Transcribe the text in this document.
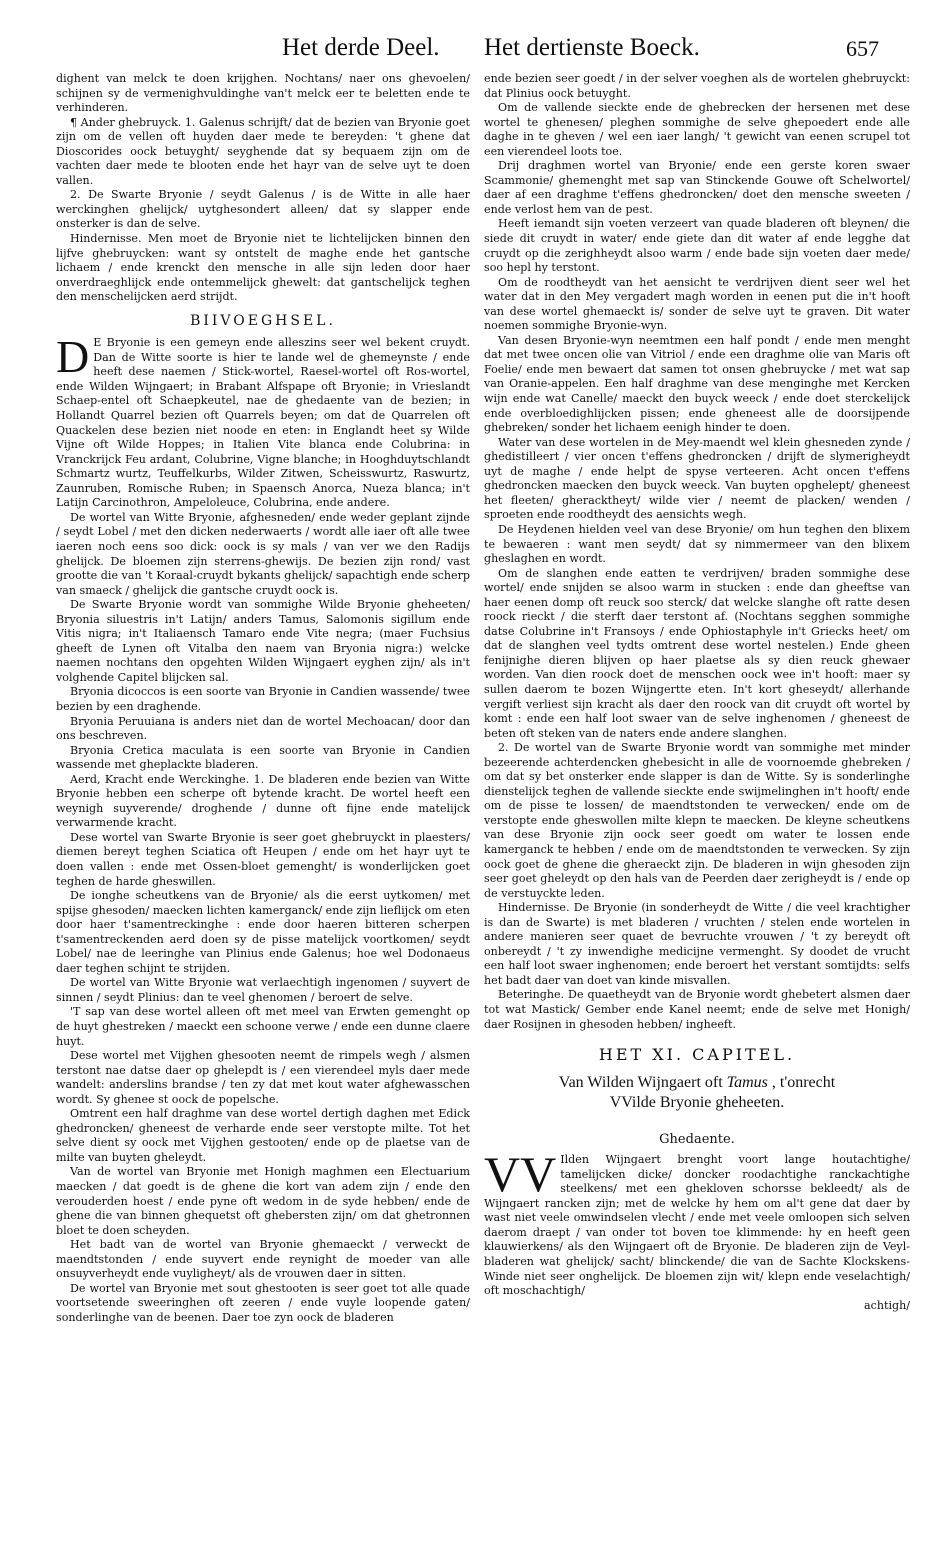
Het derde Deel. Het dertienste Boeck.	657

dighent van melck te doen krijghen. Nochtans/ naer ons ghevoelen/ schijnen sy de vermenighvuldinghe van't melck eer te beletten ende te verhinderen.

¶ Ander ghebruyck. 1. Galenus schrijft/ dat de bezien van Bryonie goet zijn om de vellen oft huyden daer mede te bereyden: 't ghene dat Dioscorides oock betuyght/ seyghende dat sy bequaem zijn om de vachten daer mede te blooten ende het hayr van de selve uyt te doen vallen.

2. De Swarte Bryonie / seydt Galenus / is de Witte in alle haer werckinghen ghelijck/ uytghesondert alleen/ dat sy slapper ende onsterker is dan de selve.

Hindernisse. Men moet de Bryonie niet te lichtelijcken binnen den lijfve ghebruycken: want sy ontstelt de maghe ende het gantsche lichaem / ende krenckt den mensche in alle sijn leden door haer onverdraeghlijck ende ontemmelijck ghewelt: dat gantschelijck teghen den menschelijcken aerd strijdt.

BIIVOEGHSEL.

D E Bryonie is een gemeyn ende alleszins seer wel bekent cruydt. Dan de Witte soorte is hier te lande wel de ghemeynste / ende heeft dese naemen / Stick-wortel, Raesel-wortel oft Ros-wortel, ende Wilden Wijngaert; in Brabant Alfspape oft Bryonie; in Vrieslandt Schaep-entel oft Schaepkeutel, nae de ghedaente van de bezien; in Hollandt Quarrel bezien oft Quarrels beyen; om dat de Quarrelen oft Quackelen dese bezien niet noode en eten: in Englandt heet sy Wilde Vijne oft Wilde Hoppes; in Italien Vite blanca ende Colubrina: in Vranckrijck Feu ardant, Colubrine, Vigne blanche; in Hooghduytschlandt Schmartz wurtz, Teuffelkurbs, Wilder Zitwen, Scheisswurtz, Raswurtz, Zaunruben, Romische Ruben; in Spaensch Anorca, Nueza blanca; in't Latijn Carcinothron, Ampeloleuce, Colubrina, ende andere.

De wortel van Witte Bryonie, afghesneden/ ende weder geplant zijnde / seydt Lobel / met den dicken nederwaerts / wordt alle iaer oft alle twee iaeren noch eens soo dick: oock is sy mals / van ver we den Radijs ghelijck. De bloemen zijn sterrens-ghewijs. De bezien zijn rond/ vast grootte die van 't Koraal-cruydt bykants ghelijck/ sapachtigh ende scherp van smaeck / ghelijck die gantsche cruydt oock is.

De Swarte Bryonie wordt van sommighe Wilde Bryonie gheheeten/ Bryonia siluestris in't Latijn/ anders Tamus, Salomonis sigillum ende Vitis nigra; in't Italiaensch Tamaro ende Vite negra; (maer Fuchsius gheeft de Lynen oft Vitalba den naem van Bryonia nigra:) welcke naemen nochtans den opgehten Wilden Wijngaert eyghen zijn/ als in't volghende Capitel blijcken sal.

Bryonia dicoccos is een soorte van Bryonie in Candien wassende/ twee bezien by een draghende.

Bryonia Peruuiana is anders niet dan de wortel Mechoacan/ door dan ons beschreven.

Bryonia Cretica maculata is een soorte van Bryonie in Candien wassende met gheplackte bladeren.

Aerd, Kracht ende Werckinghe. 1. De bladeren ende bezien van Witte Bryonie hebben een scherpe oft bytende kracht. De wortel heeft een weynigh suyverende/ droghende / dunne oft fijne ende matelijck verwarmende kracht.

Dese wortel van Swarte Bryonie is seer goet ghebruyckt in plaesters/ diemen bereyt teghen Sciatica oft Heupen / ende om het hayr uyt te doen vallen : ende met Ossen-bloet gemenght/ is wonderlijcken goet teghen de harde gheswillen.

De ionghe scheutkens van de Bryonie/ als die eerst uytkomen/ met spijse ghesoden/ maecken lichten kamerganck/ ende zijn lieflijck om eten door haer t'samentreckinghe : ende door haeren bitteren scherpen t'samentreckenden aerd doen sy de pisse matelijck voortkomen/ seydt Lobel/ nae de leeringhe van Plinius ende Galenus; hoe wel Dodonaeus daer teghen schijnt te strijden.

De wortel van Witte Bryonie wat verlaechtigh ingenomen / suyvert de sinnen / seydt Plinius: dan te veel ghenomen / beroert de selve.

'T sap van dese wortel alleen oft met meel van Erwten gemenght op de huyt ghestreken / maeckt een schoone verwe / ende een dunne claere huyt.

Dese wortel met Vijghen ghesooten neemt de rimpels wegh / alsmen terstont nae datse daer op ghelepdt is / een vierendeel myls daer mede wandelt: anderslins brandse / ten zy dat met kout water afghewasschen wordt. Sy ghenee st oock de popelsche.

Omtrent een half draghme van dese wortel dertigh daghen met Edick ghedroncken/ gheneest de verharde ende seer verstopte milte. Tot het selve dient sy oock met Vijghen gestooten/ ende op de plaetse van de milte van buyten gheleydt.

Van de wortel van Bryonie met Honigh maghmen een Electuarium maecken / dat goedt is de ghene die kort van adem zijn / ende den verouderden hoest / ende pyne oft wedom in de syde hebben/ ende de ghene die van binnen ghequetst oft ghebersten zijn/ om dat ghetronnen bloet te doen scheyden.

Het badt van de wortel van Bryonie ghemaeckt / verweckt de maendtstonden / ende suyvert ende reynight de moeder van alle onsuyverheydt ende vuyligheyt/ als de vrouwen daer in sitten.

De wortel van Bryonie met sout ghestooten is seer goet tot alle quade voortsetende sweeringhen oft zeeren / ende vuyle loopende gaten/ sonderlinghe van de beenen. Daer toe zyn oock de bladeren

ende bezien seer goedt / in der selver voeghen als de wortelen ghebruyckt: dat Plinius oock betuyght.

Om de vallende sieckte ende de ghebrecken der hersenen met dese wortel te ghenesen/ pleghen sommighe de selve ghepoedert ende alle daghe in te gheven / wel een iaer langh/ 't gewicht van eenen scrupel tot een vierendeel loots toe.

Drij draghmen wortel van Bryonie/ ende een gerste koren swaer Scammonie/ ghemenght met sap van Stinckende Gouwe oft Schelwortel/ daer af een draghme t'effens ghedroncken/ doet den mensche sweeten / ende verlost hem van de pest.

Heeft iemandt sijn voeten verzeert van quade bladeren oft bleynen/ die siede dit cruydt in water/ ende giete dan dit water af ende legghe dat cruydt op die zerighheydt alsoo warm / ende bade sijn voeten daer mede/ soo hepl hy terstont.

Om de roodtheydt van het aensicht te verdrijven dient seer wel het water dat in den Mey vergadert magh worden in eenen put die in't hooft van dese wortel ghemaeckt is/ sonder de selve uyt te graven. Dit water noemen sommighe Bryonie-wyn.

Van desen Bryonie-wyn neemtmen een half pondt / ende men menght dat met twee oncen olie van Vitriol / ende een draghme olie van Maris oft Foelie/ ende men bewaert dat samen tot onsen ghebruycke / met wat sap van Oranie-appelen. Een half draghme van dese menginghe met Kercken wijn ende wat Canelle/ maeckt den buyck weeck / ende doet sterckelijck ende overbloedighlijcken pissen; ende gheneest alle de doorsijpende ghebreken/ sonder het lichaem eenigh hinder te doen.

Water van dese wortelen in de Mey-maendt wel klein ghesneden zynde / ghedistilleert / vier oncen t'effens ghedroncken / drijft de slymerigheydt uyt de maghe / ende helpt de spyse verteeren. Acht oncen t'effens ghedroncken maecken den buyck weeck. Van buyten opghelept/ gheneest het fleeten/ gheracktheyt/ wilde vier / neemt de placken/ wenden / sproeten ende roodtheydt des aensichts wegh.

De Heydenen hielden veel van dese Bryonie/ om hun teghen den blixem te bewaeren : want men seydt/ dat sy nimmermeer van den blixem gheslaghen en wordt.

Om de slanghen ende eatten te verdrijven/ braden sommighe dese wortel/ ende snijden se alsoo warm in stucken : ende dan gheeftse van haer eenen domp oft reuck soo sterck/ dat welcke slanghe oft ratte desen roock rieckt / die sterft daer terstont af. (Nochtans segghen sommighe datse Colubrine in't Fransoys / ende Ophiostaphyle in't Griecks heet/ om dat de slanghen veel tydts omtrent dese wortel nestelen.) Ende gheen fenijnighe dieren blijven op haer plaetse als sy dien reuck ghewaer worden. Van dien roock doet de menschen oock wee in't hooft: maer sy sullen daerom te bozen Wijngertte eten. In't kort gheseydt/ allerhande vergift verliest sijn kracht als daer den roock van dit cruydt oft wortel by komt : ende een half loot swaer van de selve inghenomen / gheneest de beten oft steken van de naters ende andere slanghen.

2. De wortel van de Swarte Bryonie wordt van sommighe met minder bezeerende achterdencken ghebesicht in alle de voornoemde ghebreken / om dat sy bet onsterker ende slapper is dan de Witte. Sy is sonderlinghe dienstelijck teghen de vallende sieckte ende swijmelinghen in't hooft/ ende om de pisse te lossen/ de maendtstonden te verwecken/ ende om de verstopte ende gheswollen milte klepn te maecken. De kleyne scheutkens van dese Bryonie zijn oock seer goedt om water te lossen ende kamerganck te hebben / ende om de maendtstonden te verwecken. Sy zijn oock goet de ghene die gheraeckt zijn. De bladeren in wijn ghesoden zijn seer goet gheleydt op den hals van de Peerden daer zerigheydt is / ende op de verstuyckte leden.

Hindernisse. De Bryonie (in sonderheydt de Witte / die veel krachtigher is dan de Swarte) is met bladeren / vruchten / stelen ende wortelen in andere manieren seer quaet de bevruchte vrouwen / 't zy bereydt oft onbereydt / 't zy inwendighe medicijne vermenght. Sy doodet de vrucht een half loot swaer inghenomen; ende beroert het verstant somtijdts: selfs het badt daer van doet van kinde misvallen.

Beteringhe. De quaetheydt van de Bryonie wordt ghebetert alsmen daer tot wat Mastick/ Gember ende Kanel neemt; ende de selve met Honigh/ daer Rosijnen in ghesoden hebben/ ingheeft.

HET XI. CAPITEL.
Van Wilden Wijngaert oft Tamus , t'onrecht
VVilde Bryonie gheheeten.
Ghedaente.

VV Ilden Wijngaert brenght voort lange houtachtighe/ tamelijcken dicke/ doncker roodachtighe ranckachtighe steelkens/ met een ghekloven schorsse bekleedt/ als de Wijngaert rancken zijn; met de welcke hy hem om al't gene dat daer by wast niet veele omwindselen vlecht / ende met veele omloopen sich selven daerom draept / van onder tot boven toe klimmende: hy en heeft geen klauwierkens/ als den Wijngaert oft de Bryonie. De bladeren zijn de Veyl-bladeren wat ghelijck/ sacht/ blinckende/ die van de Sachte Klockskens-Winde niet seer onghelijck. De bloemen zijn wit/ klepn ende veselachtigh/ oft moschachtigh/

achtigh/
